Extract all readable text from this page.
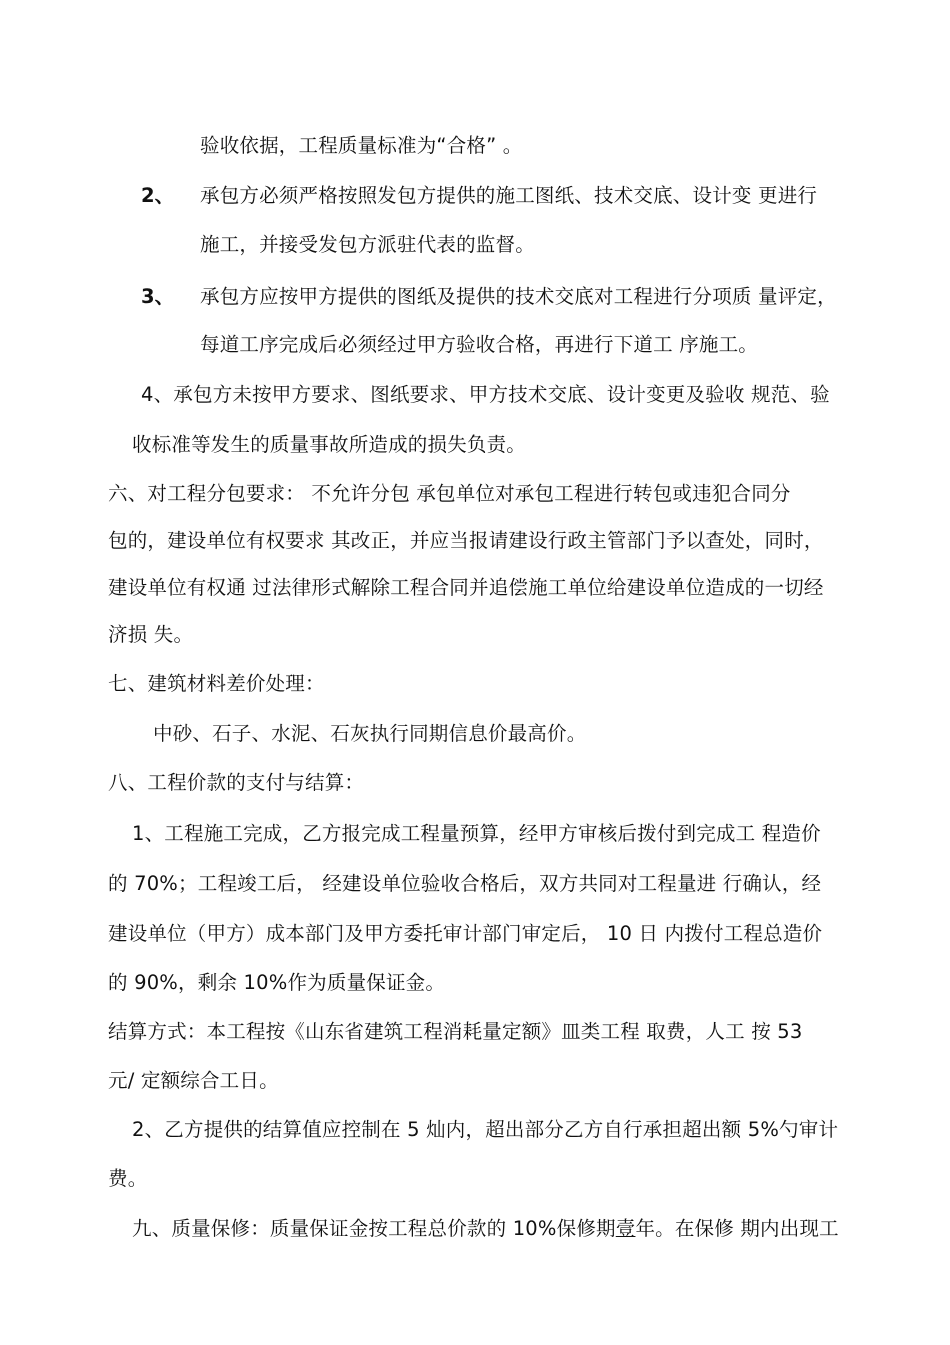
验收依据，工程质量标准为“合格” 。
2、 承包方必须严格按照发包方提供的施工图纸、技术交底、设计变 更进行
施工，并接受发包方派驻代表的监督。
3、 承包方应按甲方提供的图纸及提供的技术交底对工程进行分项质 量评定，
每道工序完成后必须经过甲方验收合格，再进行下道工 序施工。
4、承包方未按甲方要求、图纸要求、甲方技术交底、设计变更及验收 规范、验
收标准等发生的质量事故所造成的损失负责。
六、对工程分包要求： 不允许分包 承包单位对承包工程进行转包或违犯合同分
包的，建设单位有权要求 其改正，并应当报请建设行政主管部门予以查处，同时，
建设单位有权通 过法律形式解除工程合同并追偿施工单位给建设单位造成的一切经
济损 失。
七、建筑材料差价处理：
中砂、石子、水泥、石灰执行同期信息价最高价。
八、工程价款的支付与结算：
1、工程施工完成，乙方报完成工程量预算，经甲方审核后拨付到完成工 程造价
的 70%；工程竣工后， 经建设单位验收合格后，双方共同对工程量进 行确认，经
建设单位（甲方）成本部门及甲方委托审计部门审定后， 10 日 内拨付工程总造价
的 90%，剩余 10%作为质量保证金。
结算方式：本工程按《山东省建筑工程消耗量定额》皿类工程 取费，人工 按 53
元/ 定额综合工日。
2、乙方提供的结算值应控制在 5 灿内，超出部分乙方自行承担超出额 5%勺审计
费。
九、质量保修：质量保证金按工程总价款的 10%保修期壹年。在保修 期内出现工
